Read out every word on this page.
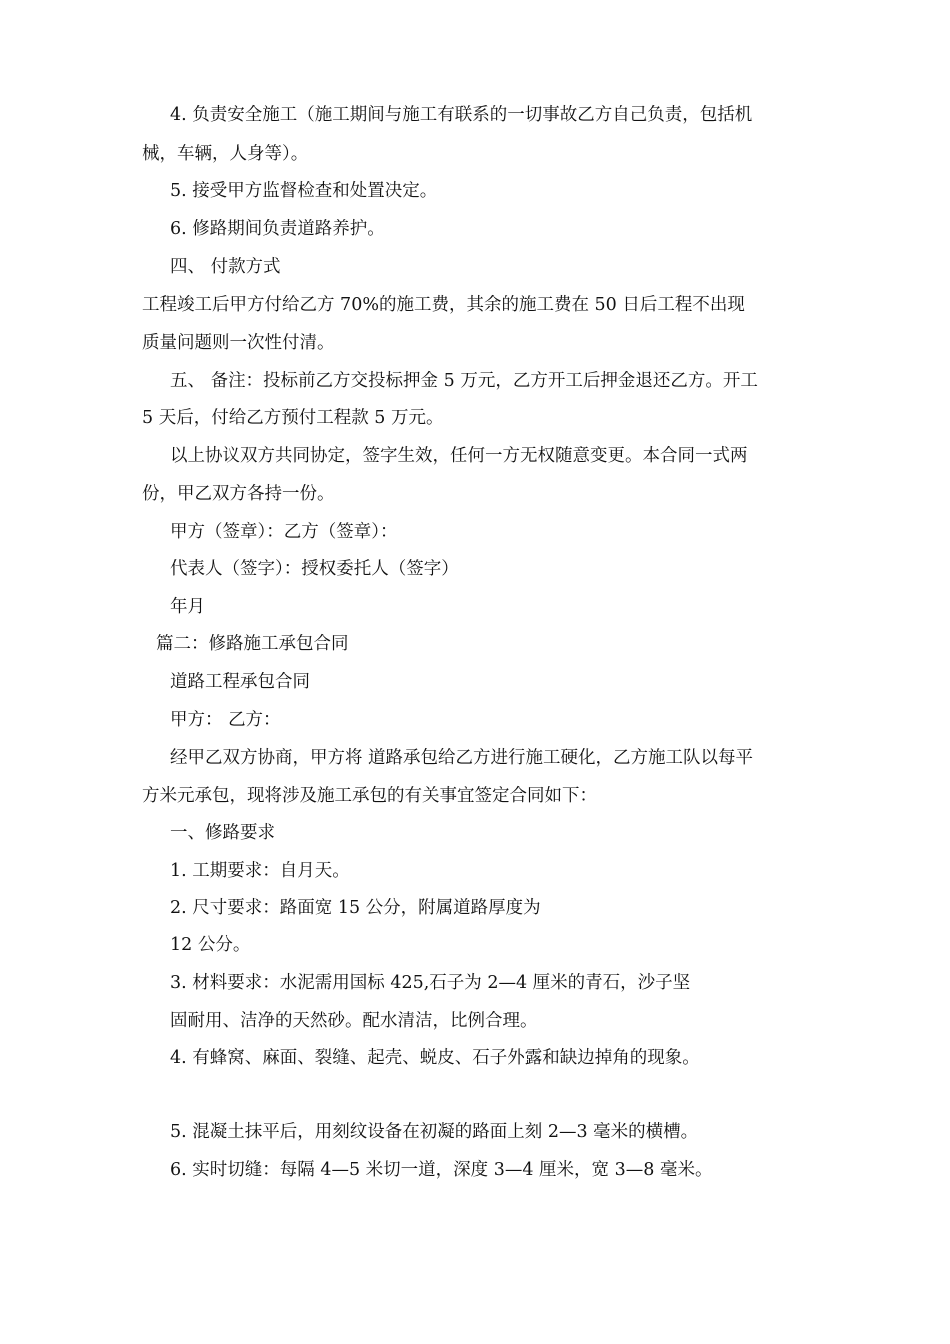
4. 负责安全施工（施工期间与施工有联系的一切事故乙方自己负责，包括机
械，车辆，人身等）。
5. 接受甲方监督检查和处置决定。
6. 修路期间负责道路养护。
四、 付款方式
工程竣工后甲方付给乙方 70%的施工费，其余的施工费在 50 日后工程不出现
质量问题则一次性付清。
五、 备注：投标前乙方交投标押金 5 万元，乙方开工后押金退还乙方。开工
5 天后，付给乙方预付工程款 5 万元。
以上协议双方共同协定，签字生效，任何一方无权随意变更。本合同一式两
份，甲乙双方各持一份。
甲方（签章）：乙方（签章）：
代表人（签字）：授权委托人（签字）
年月
篇二：修路施工承包合同
道路工程承包合同
甲方： 乙方：
经甲乙双方协商，甲方将 道路承包给乙方进行施工硬化，乙方施工队以每平
方米元承包，现将涉及施工承包的有关事宜签定合同如下：
一、修路要求
1. 工期要求：自月天。
2. 尺寸要求：路面宽 15 公分，附属道路厚度为
12 公分。
3. 材料要求：水泥需用国标 425,石子为 2—4 厘米的青石，沙子坚
固耐用、洁净的天然砂。配水清洁，比例合理。
4. 有蜂窝、麻面、裂缝、起壳、蜕皮、石子外露和缺边掉角的现象。
5. 混凝土抹平后，用刻纹设备在初凝的路面上刻 2—3 毫米的横槽。
6. 实时切缝：每隔 4—5 米切一道，深度 3—4 厘米，宽 3—8 毫米。
